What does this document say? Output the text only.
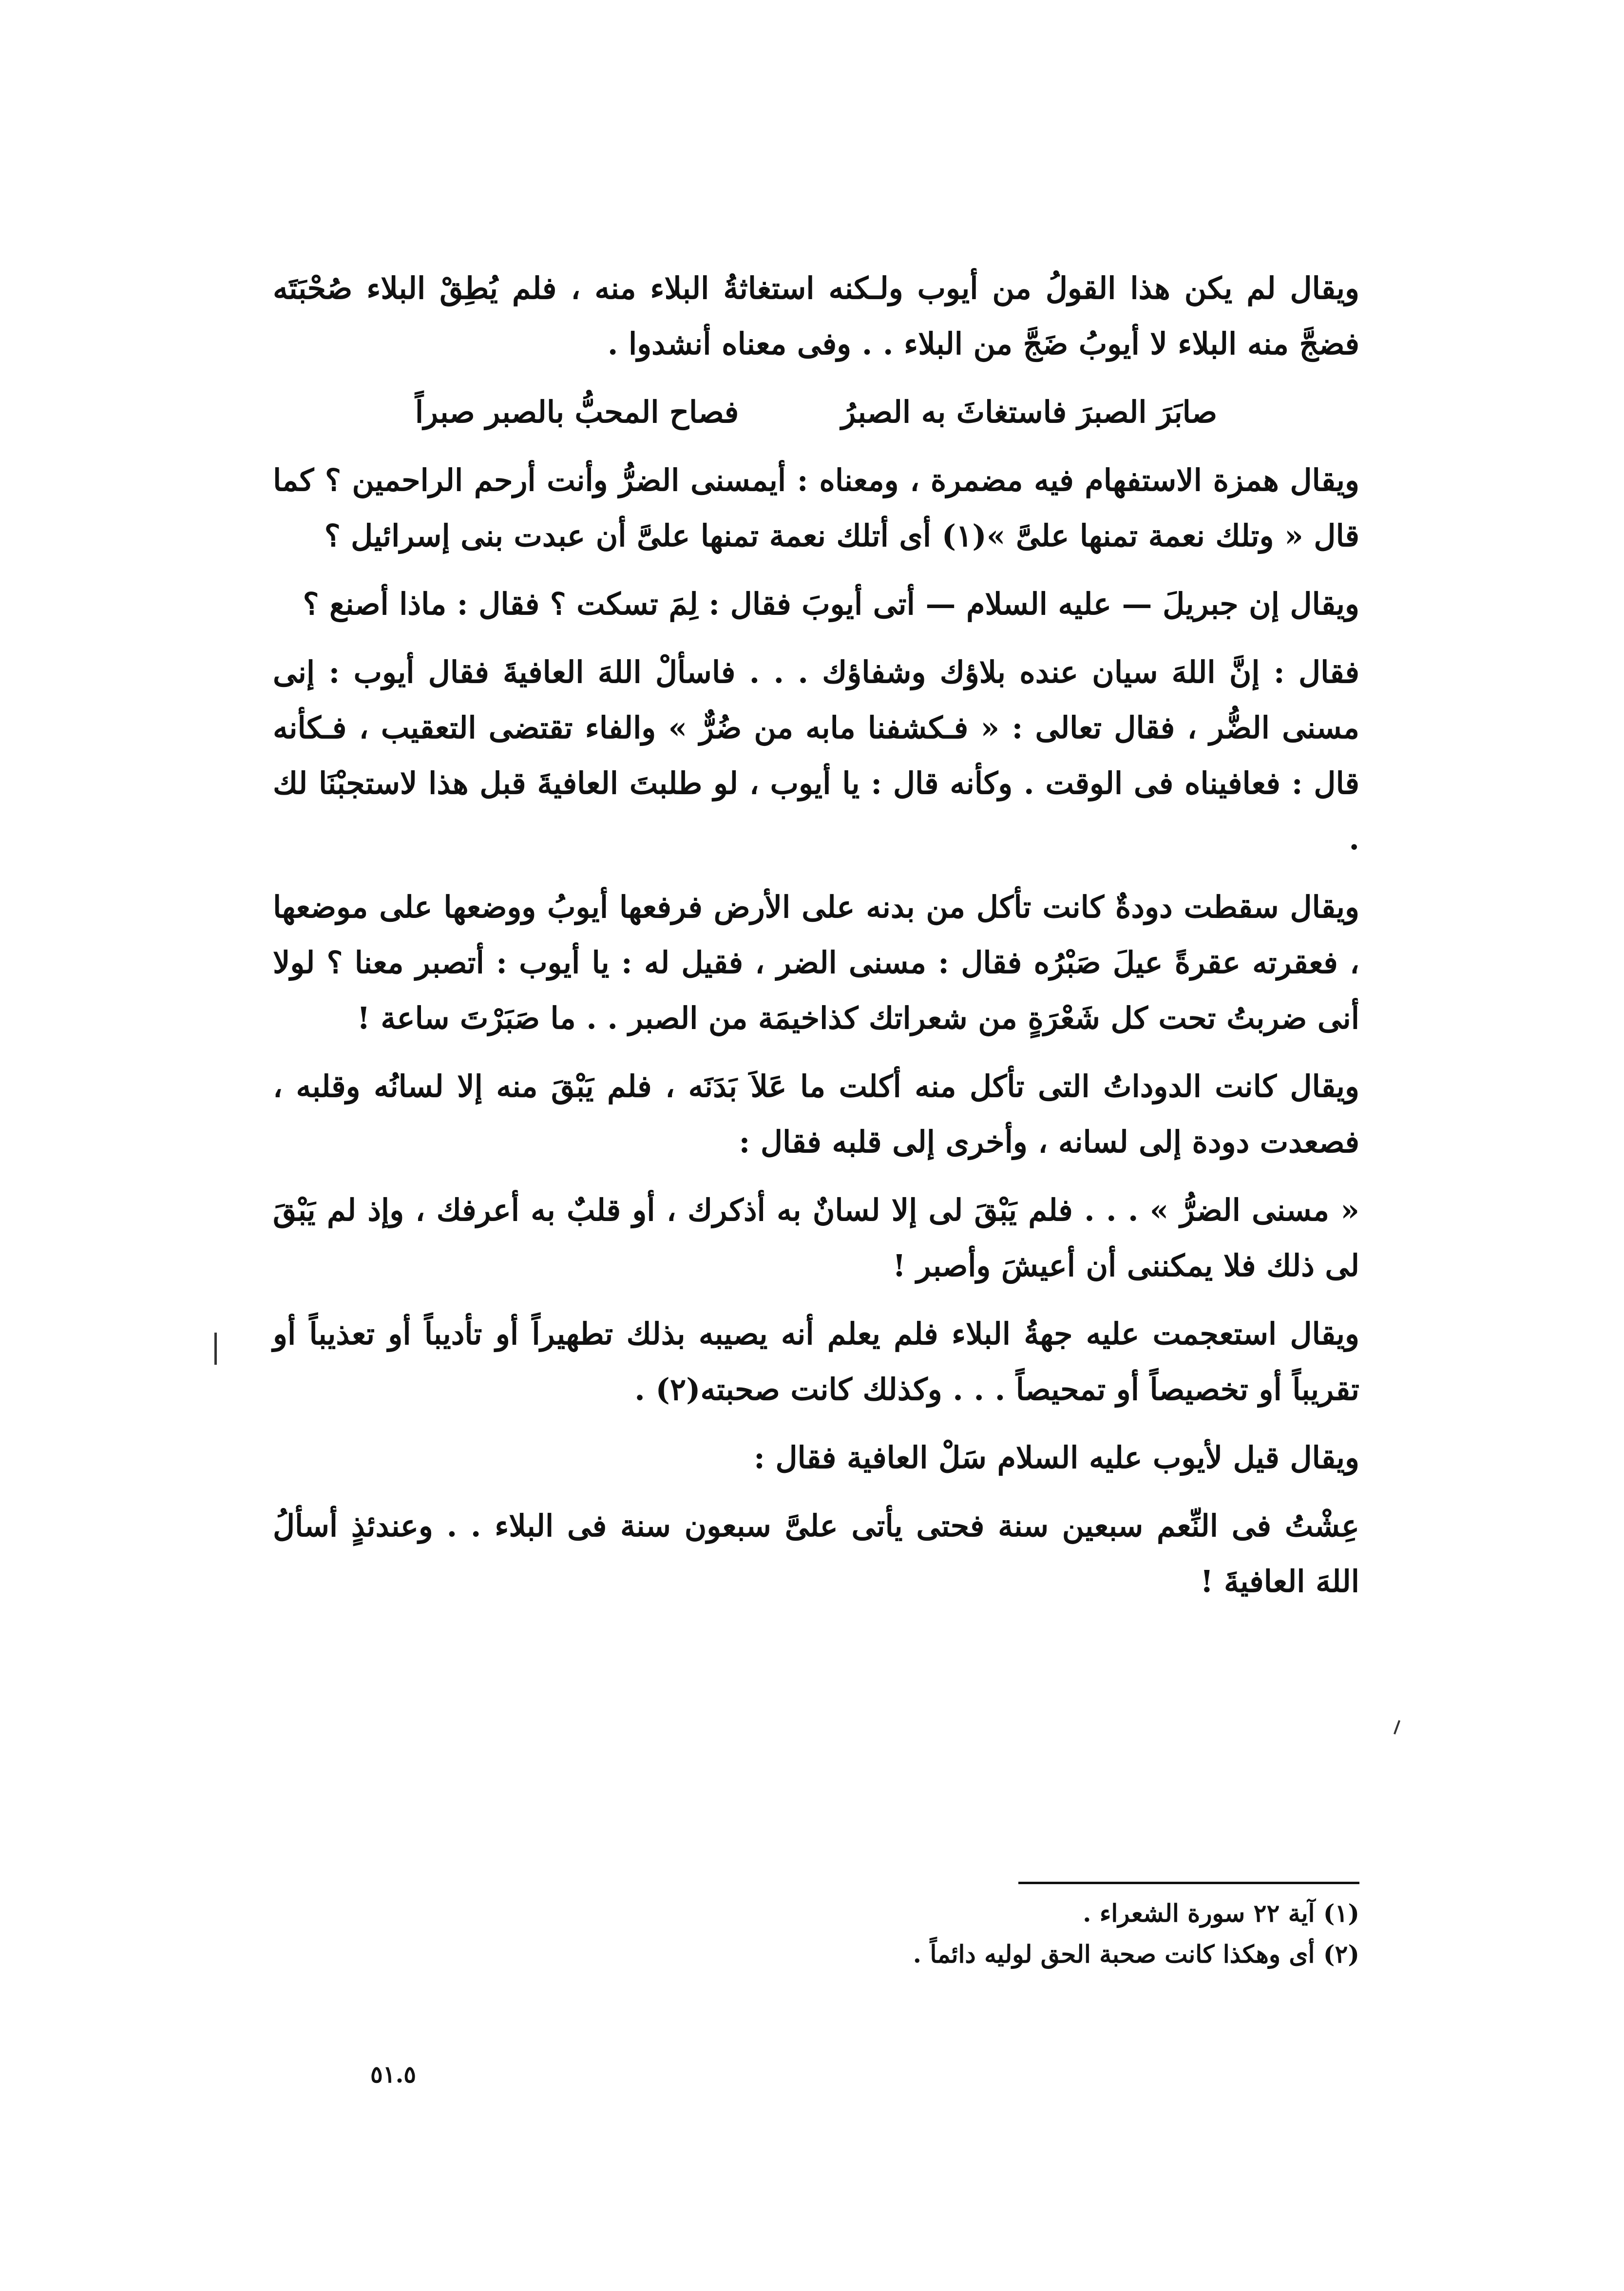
ويقال لم يكن هذا القولُ من أيوب ولـكنه استغاثةُ البلاء منه ، فلم يُطِقْ البلاء صُحْبَتَه فضجَّ منه البلاء لا أيوبُ ضَجَّ من البلاء . . وفى معناه أنشدوا .

صابَرَ الصبرَ فاستغاثَ به الصبرُ
فصاح المحبُّ بالصبر صبراً

ويقال همزة الاستفهام فيه مضمرة ، ومعناه : أيمسنى الضرُّ وأنت أرحم الراحمين ؟ كما قال « وتلك نعمة تمنها علىَّ »(١) أى أتلك نعمة تمنها علىَّ أن عبدت بنى إسرائيل ؟

ويقال إن جبريلَ — عليه السلام — أتى أيوبَ فقال : لِمَ تسكت ؟ فقال : ماذا أصنع ؟

فقال : إنَّ اللهَ سيان عنده بلاؤك وشفاؤك . . . فاسألْ اللهَ العافيةَ فقال أيوب : إنى مسنى الضُّر ، فقال تعالى : « فـكشفنا مابه من ضُرٌّ » والفاء تقتضى التعقيب ، فـكأنه قال : فعافيناه فى الوقت . وكأنه قال : يا أيوب ، لو طلبتَ العافيةَ قبل هذا لاستجبْنَا لك .

ويقال سقطت دودةٌ كانت تأكل من بدنه على الأرض فرفعها أيوبُ ووضعها على موضعها ، فعقرته عقرةً عيلَ صَبْرُه فقال : مسنى الضر ، فقيل له : يا أيوب : أتصبر معنا ؟ لولا أنى ضربتُ تحت كل شَعْرَةٍ من شعراتك كذاخيمَة من الصبر . . ما صَبَرْتَ ساعة !

ويقال كانت الدوداتُ التى تأكل منه أكلت ما عَلاَ بَدَنَه ، فلم يَبْقَ منه إلا لسانُه وقلبه ، فصعدت دودة إلى لسانه ، وأخرى إلى قلبه فقال :

« مسنى الضرُّ » . . . فلم يَبْقَ لى إلا لسانٌ به أذكرك ، أو قلبٌ به أعرفك ، وإذ لم يَبْقَ لى ذلك فلا يمكننى أن أعيشَ وأصبر !

ويقال استعجمت عليه جهةُ البلاء فلم يعلم أنه يصيبه بذلك تطهيراً أو تأديباً أو تعذيباً أو تقريباً أو تخصيصاً أو تمحيصاً . . . وكذلك كانت صحبته(٢) .

ويقال قيل لأيوب عليه السلام سَلْ العافية فقال :

عِشْتُ فى النِّعم سبعين سنة فحتى يأتى علىَّ سبعون سنة فى البلاء . . وعندئذٍ أسألُ اللهَ العافيةَ !

(١) آية ٢٢ سورة الشعراء .
(٢) أى وهكذا كانت صحبة الحق لوليه دائماً .
٥١.٥
